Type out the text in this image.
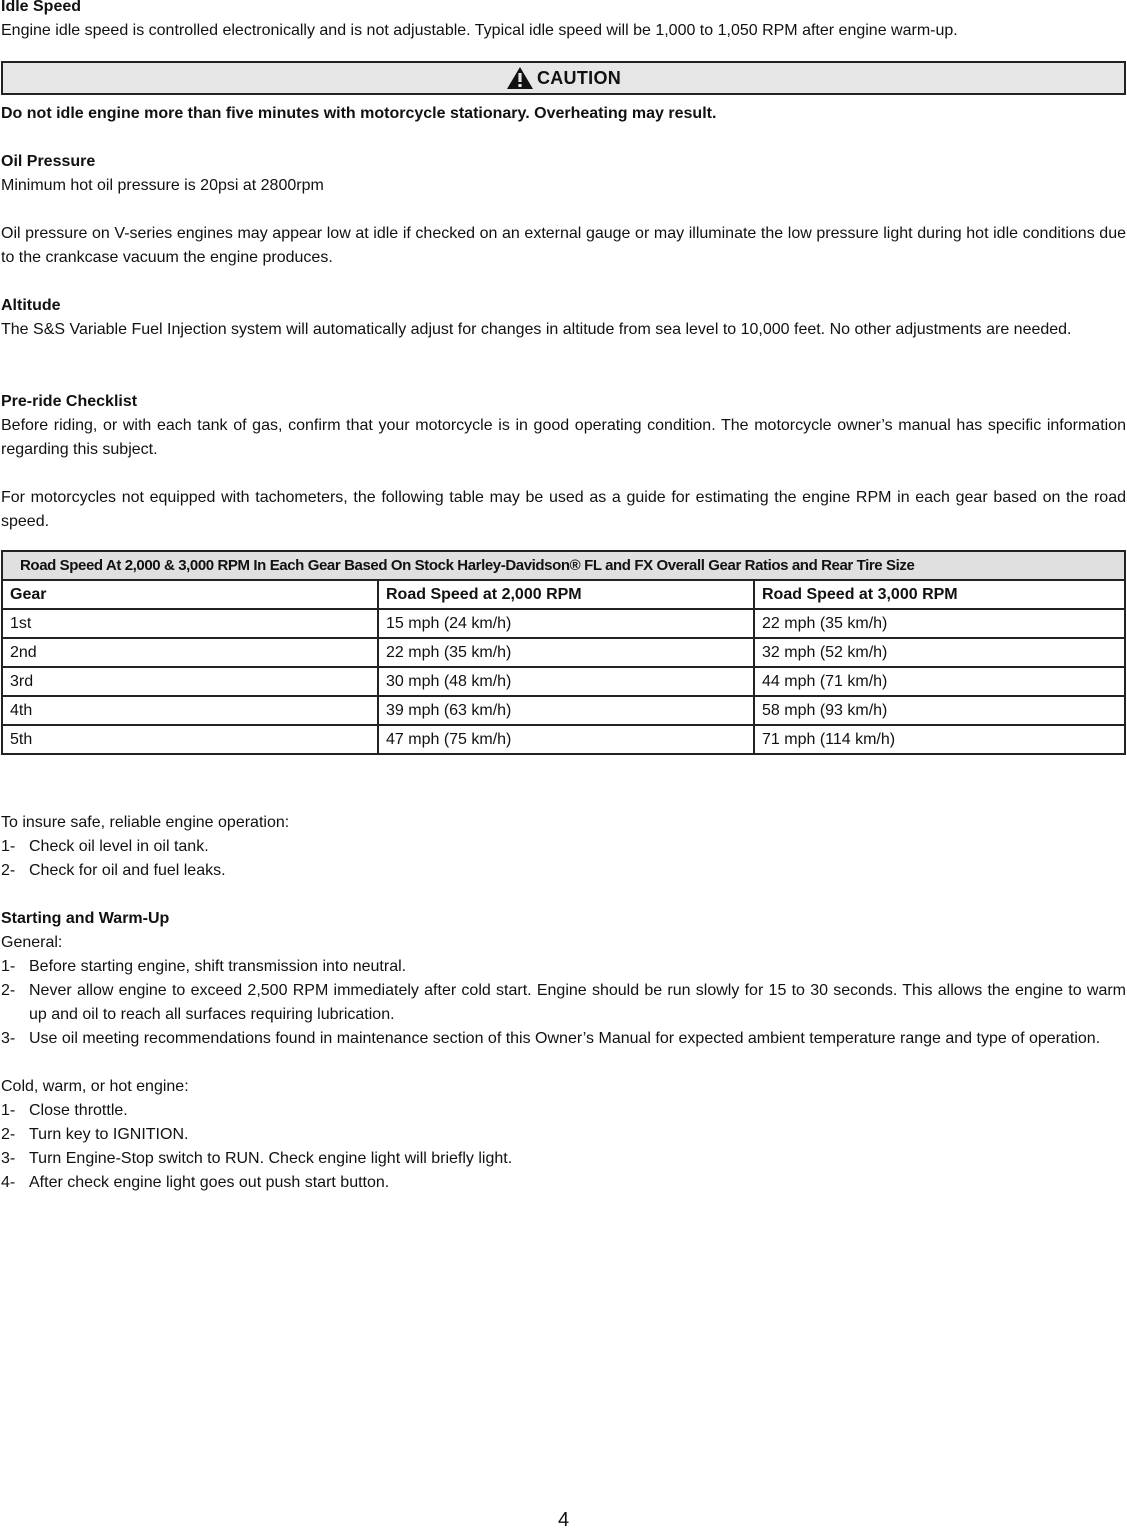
Idle Speed

Engine idle speed is controlled electronically and is not adjustable. Typical idle speed will be 1,000 to 1,050 RPM after engine warm-up.

CAUTION

Do not idle engine more than five minutes with motorcycle stationary. Overheating may result.

Oil Pressure

Minimum hot oil pressure is 20psi at 2800rpm

Oil pressure on V-series engines may appear low at idle if checked on an external gauge or may illuminate the low pressure light during hot idle conditions due to the crankcase vacuum the engine produces.

Altitude

The S&S Variable Fuel Injection system will automatically adjust for changes in altitude from sea level to 10,000 feet. No other adjustments are needed.

Pre-ride Checklist

Before riding, or with each tank of gas, confirm that your motorcycle is in good operating condition. The motorcycle owner’s manual has specific information regarding this subject.

For motorcycles not equipped with tachometers, the following table may be used as a guide for estimating the engine RPM in each gear based on the road speed.

Road Speed At 2,000 & 3,000 RPM In Each Gear Based On Stock Harley-Davidson® FL and FX Overall Gear Ratios and Rear Tire Size		
Gear	Road Speed at 2,000 RPM	Road Speed at 3,000 RPM
1st	15 mph (24 km/h)	22 mph (35 km/h)
2nd	22 mph (35 km/h)	32 mph (52 km/h)
3rd	30 mph (48 km/h)	44 mph (71 km/h)
4th	39 mph (63 km/h)	58 mph (93 km/h)
5th	47 mph (75 km/h)	71 mph (114 km/h)

To insure safe, reliable engine operation:

1- Check oil level in oil tank.
2- Check for oil and fuel leaks.
Starting and Warm-Up

General:

1- Before starting engine, shift transmission into neutral.
2- Never allow engine to exceed 2,500 RPM immediately after cold start. Engine should be run slowly for 15 to 30 seconds. This allows the engine to warm up and oil to reach all surfaces requiring lubrication.
3- Use oil meeting recommendations found in maintenance section of this Owner’s Manual for expected ambient temperature range and type of operation.

Cold, warm, or hot engine:

1- Close throttle.
2- Turn key to IGNITION.
3- Turn Engine-Stop switch to RUN. Check engine light will briefly light.
4- After check engine light goes out push start button.
4
